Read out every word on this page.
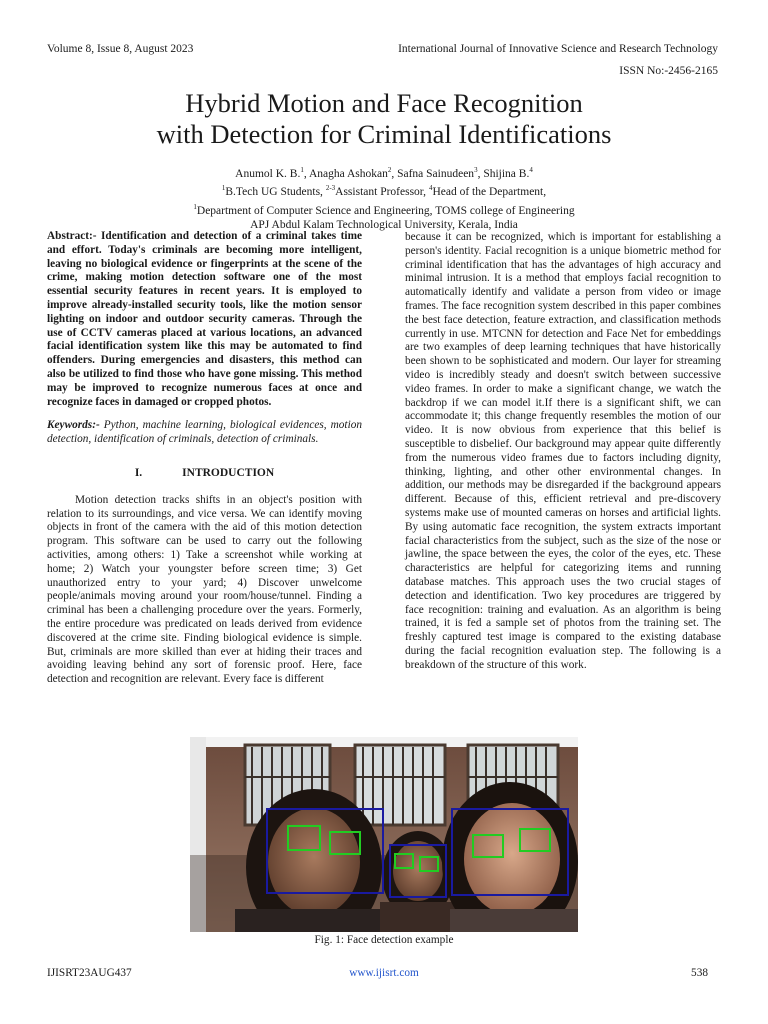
Volume 8, Issue 8, August 2023	International Journal of Innovative Science and Research Technology
ISSN No:-2456-2165
Hybrid Motion and Face Recognition
with Detection for Criminal Identifications
Anumol K. B.$^1$, Anagha Ashokan$^2$, Safna Sainudeen$^3$, Shijina B.$^4$
$^1$B.Tech UG Students, $^{2-3}$Assistant Professor, $^4$Head of the Department,
$^1$Department of Computer Science and Engineering, TOMS college of Engineering
APJ Abdul Kalam Technological University, Kerala, India

Abstract:- Identification and detection of a criminal takes time and effort. Today's criminals are becoming more intelligent, leaving no biological evidence or fingerprints at the scene of the crime, making motion detection software one of the most essential security features in recent years. It is employed to improve already-installed security tools, like the motion sensor lighting on indoor and outdoor security cameras. Through the use of CCTV cameras placed at various locations, an advanced facial identification system like this may be automated to find offenders. During emergencies and disasters, this method can also be utilized to find those who have gone missing. This method may be improved to recognize numerous faces at once and recognize faces in damaged or cropped photos.

Keywords:- Python, machine learning, biological evidences, motion detection, identification of criminals, detection of criminals.

I.	INTRODUCTION

Motion detection tracks shifts in an object's position with relation to its surroundings, and vice versa. We can identify moving objects in front of the camera with the aid of this motion detection program. This software can be used to carry out the following activities, among others: 1) Take a screenshot while working at home; 2) Watch your youngster before screen time; 3) Get unauthorized entry to your yard; 4) Discover unwelcome people/animals moving around your room/house/tunnel. Finding a criminal has been a challenging procedure over the years. Formerly, the entire procedure was predicated on leads derived from evidence discovered at the crime site. Finding biological evidence is simple. But, criminals are more skilled than ever at hiding their traces and avoiding leaving behind any sort of forensic proof. Here, face detection and recognition are relevant. Every face is different

because it can be recognized, which is important for establishing a person's identity. Facial recognition is a unique biometric method for criminal identification that has the advantages of high accuracy and minimal intrusion. It is a method that employs facial recognition to automatically identify and validate a person from video or image frames. The face recognition system described in this paper combines the best face detection, feature extraction, and classification methods currently in use. MTCNN for detection and Face Net for embeddings are two examples of deep learning techniques that have historically been shown to be sophisticated and modern. Our layer for streaming video is incredibly steady and doesn't switch between successive video frames. In order to make a significant change, we watch the backdrop if we can model it.If there is a significant shift, we can accommodate it; this change frequently resembles the motion of our video. It is now obvious from experience that this belief is susceptible to disbelief. Our background may appear quite differently from the numerous video frames due to factors including dignity, thinking, lighting, and other other environmental changes. In addition, our methods may be disregarded if the background appears different. Because of this, efficient retrieval and pre-discovery systems make use of mounted cameras on horses and artificial lights. By using automatic face recognition, the system extracts important facial characteristics from the subject, such as the size of the nose or jawline, the space between the eyes, the color of the eyes, etc. These characteristics are helpful for categorizing items and running database matches. This approach uses the two crucial stages of detection and identification. Two key procedures are triggered by face recognition: training and evaluation. As an algorithm is being trained, it is fed a sample set of photos from the training set. The freshly captured test image is compared to the existing database during the facial recognition evaluation step. The following is a breakdown of the structure of this work.

Fig. 1: Face detection example
IJISRT23AUG437	www.ijisrt.com	538
